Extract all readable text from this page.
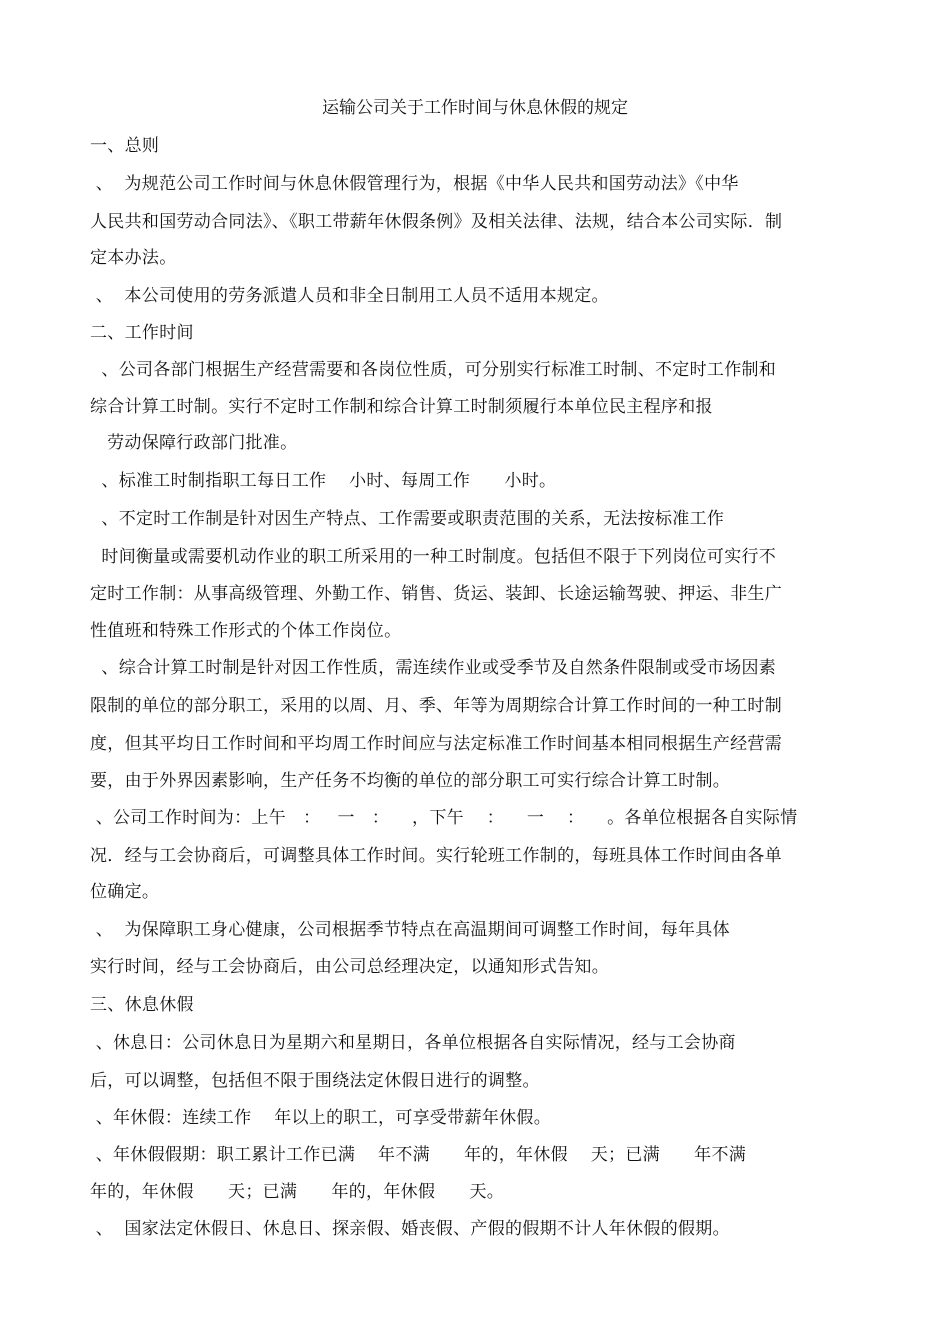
运输公司关于工作时间与休息休假的规定
一、总则
、  为规范公司工作时间与休息休假管理行为，根据《中华人民共和国劳动法》《中华
人民共和国劳动合同法》、《职工带薪年休假条例》及相关法律、法规，结合本公司实际．制
定本办法。
、  本公司使用的劳务派遣人员和非全日制用工人员不适用本规定。
二、工作时间
、公司各部门根据生产经营需要和各岗位性质，可分别实行标准工时制、不定时工作制和
综合计算工时制。实行不定时工作制和综合计算工时制须履行本单位民主程序和报
劳动保障行政部门批准。
、标准工时制指职工每日工作    小时、每周工作      小时。
、不定时工作制是针对因生产特点、工作需要或职责范围的关系，无法按标准工作
时间衡量或需要机动作业的职工所采用的一种工时制度。包括但不限于下列岗位可实行不
定时工作制：从事高级管理、外勤工作、销售、货运、装卸、长途运输驾驶、押运、非生广
性值班和特殊工作形式的个体工作岗位。
、综合计算工时制是针对因工作性质，需连续作业或受季节及自然条件限制或受市场因素
限制的单位的部分职工，采用的以周、月、季、年等为周期综合计算工作时间的一种工时制
度，但其平均日工作时间和平均周工作时间应与法定标准工作时间基本相同根据生产经营需
要，由于外界因素影响，生产任务不均衡的单位的部分职工可实行综合计算工时制。
、公司工作时间为：上午   ：   一   ：    ，下午    ：    一    ：    。各单位根据各自实际情
况．经与工会协商后，可调整具体工作时间。实行轮班工作制的，每班具体工作时间由各单
位确定。
、  为保障职工身心健康，公司根据季节特点在高温期间可调整工作时间，每年具体
实行时间，经与工会协商后，由公司总经理决定，以通知形式告知。
三、休息休假
、休息日：公司休息日为星期六和星期日，各单位根据各自实际情况，经与工会协商
后，可以调整，包括但不限于围绕法定休假日进行的调整。
、年休假：连续工作    年以上的职工，可享受带薪年休假。
、年休假假期：职工累计工作已满    年不满      年的，年休假    天；已满      年不满
年的，年休假      天；已满      年的，年休假      天。
、  国家法定休假日、休息日、探亲假、婚丧假、产假的假期不计人年休假的假期。
